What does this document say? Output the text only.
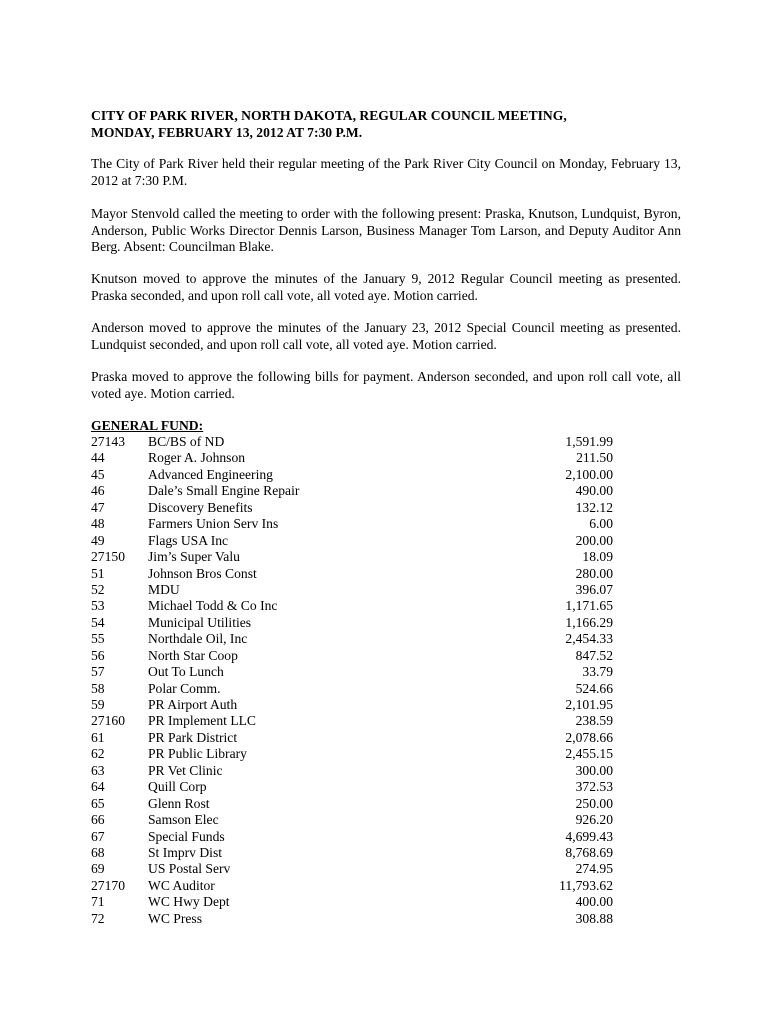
CITY OF PARK RIVER, NORTH DAKOTA, REGULAR COUNCIL MEETING,
MONDAY, FEBRUARY 13, 2012 AT 7:30 P.M.

The City of Park River held their regular meeting of the Park River City Council on Monday, February 13, 2012 at 7:30 P.M.

Mayor Stenvold called the meeting to order with the following present: Praska, Knutson, Lundquist, Byron, Anderson, Public Works Director Dennis Larson, Business Manager Tom Larson, and Deputy Auditor Ann Berg. Absent: Councilman Blake.

Knutson moved to approve the minutes of the January 9, 2012 Regular Council meeting as presented. Praska seconded, and upon roll call vote, all voted aye. Motion carried.

Anderson moved to approve the minutes of the January 23, 2012 Special Council meeting as presented. Lundquist seconded, and upon roll call vote, all voted aye. Motion carried.

Praska moved to approve the following bills for payment. Anderson seconded, and upon roll call vote, all voted aye. Motion carried.

GENERAL FUND:
27143 BC/BS of ND	1,591.99
44	Roger A. Johnson	211.50
45	Advanced Engineering	2,100.00
46	Dale’s Small Engine Repair	490.00
47	Discovery Benefits	132.12
48	Farmers Union Serv Ins	6.00
49	Flags USA Inc	200.00
27150 Jim’s Super Valu	18.09
51	Johnson Bros Const	280.00
52	MDU	396.07
53	Michael Todd & Co Inc	1,171.65
54	Municipal Utilities	1,166.29
55	Northdale Oil, Inc	2,454.33
56	North Star Coop	847.52
57	Out To Lunch	33.79
58	Polar Comm.	524.66
59	PR Airport Auth	2,101.95
27160 PR Implement LLC	238.59
61	PR Park District	2,078.66
62	PR Public Library	2,455.15
63	PR Vet Clinic	300.00
64	Quill Corp	372.53
65	Glenn Rost	250.00
66	Samson Elec	926.20
67	Special Funds	4,699.43
68	St Imprv Dist	8,768.69
69	US Postal Serv	274.95
27170 WC Auditor	11,793.62
71	WC Hwy Dept	400.00
72	WC Press	308.88
